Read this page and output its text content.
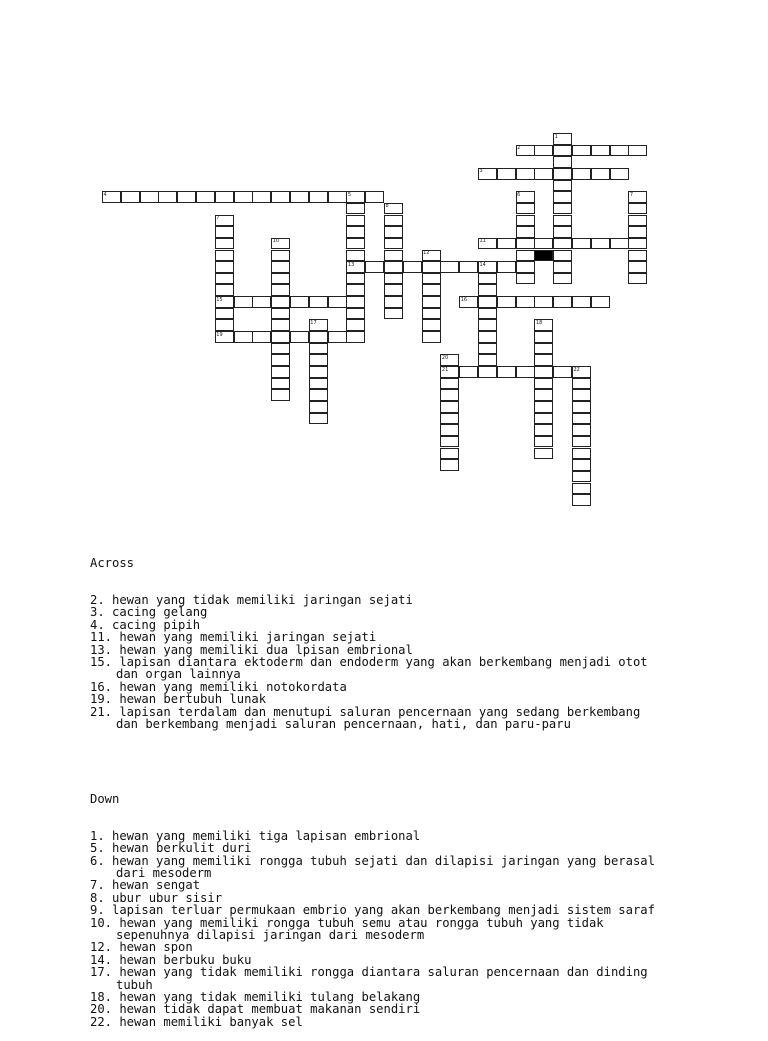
1
2
3
4	5	6	7
8
7
10	11
12
13	14
15	16
17	18
19
20
21	22

Across

2. hewan yang tidak memiliki jaringan sejati
3. cacing gelang
4. cacing pipih
11. hewan yang memiliki jaringan sejati
13. hewan yang memiliki dua lpisan embrional
15. lapisan diantara ektoderm dan endoderm yang akan berkembang menjadi otot
dan organ lainnya
16. hewan yang memiliki notokordata
19. hewan bertubuh lunak
21. lapisan terdalam dan menutupi saluran pencernaan yang sedang berkembang
dan berkembang menjadi saluran pencernaan, hati, dan paru-paru

Down

1. hewan yang memiliki tiga lapisan embrional
5. hewan berkulit duri
6. hewan yang memiliki rongga tubuh sejati dan dilapisi jaringan yang berasal
dari mesoderm
7. hewan sengat
8. ubur ubur sisir
9. lapisan terluar permukaan embrio yang akan berkembang menjadi sistem saraf
10. hewan yang memiliki rongga tubuh semu atau rongga tubuh yang tidak
sepenuhnya dilapisi jaringan dari mesoderm
12. hewan spon
14. hewan berbuku buku
17. hewan yang tidak memiliki rongga diantara saluran pencernaan dan dinding
tubuh
18. hewan yang tidak memiliki tulang belakang
20. hewan tidak dapat membuat makanan sendiri
22. hewan memiliki banyak sel
